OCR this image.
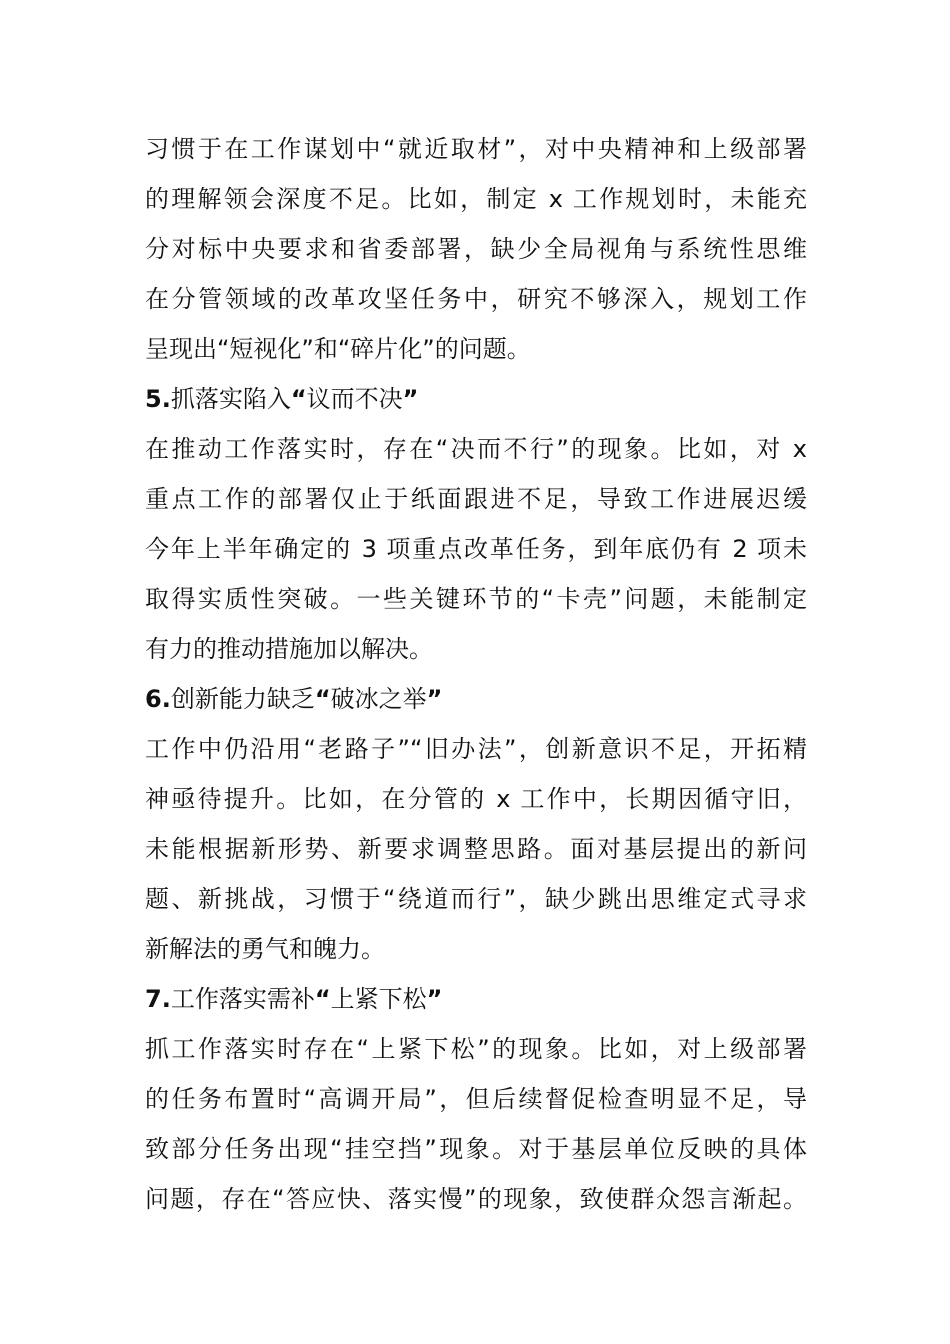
习惯于在工作谋划中“就近取材”，对中央精神和上级部署
的理解领会深度不足。比如，制定 x 工作规划时，未能充
分对标中央要求和省委部署，缺少全局视角与系统性思维
在分管领域的改革攻坚任务中，研究不够深入，规划工作
呈现出“短视化”和“碎片化”的问题。
5.抓落实陷入“议而不决”
在推动工作落实时，存在“决而不行”的现象。比如，对 x
重点工作的部署仅止于纸面跟进不足，导致工作进展迟缓
今年上半年确定的 3 项重点改革任务，到年底仍有 2 项未
取得实质性突破。一些关键环节的“卡壳”问题，未能制定
有力的推动措施加以解决。
6.创新能力缺乏“破冰之举”
工作中仍沿用“老路子”“旧办法”，创新意识不足，开拓精
神亟待提升。比如，在分管的 x 工作中，长期因循守旧，
未能根据新形势、新要求调整思路。面对基层提出的新问
题、新挑战，习惯于“绕道而行”，缺少跳出思维定式寻求
新解法的勇气和魄力。
7.工作落实需补“上紧下松”
抓工作落实时存在“上紧下松”的现象。比如，对上级部署
的任务布置时“高调开局”，但后续督促检查明显不足，导
致部分任务出现“挂空挡”现象。对于基层单位反映的具体
问题，存在“答应快、落实慢”的现象，致使群众怨言渐起。
